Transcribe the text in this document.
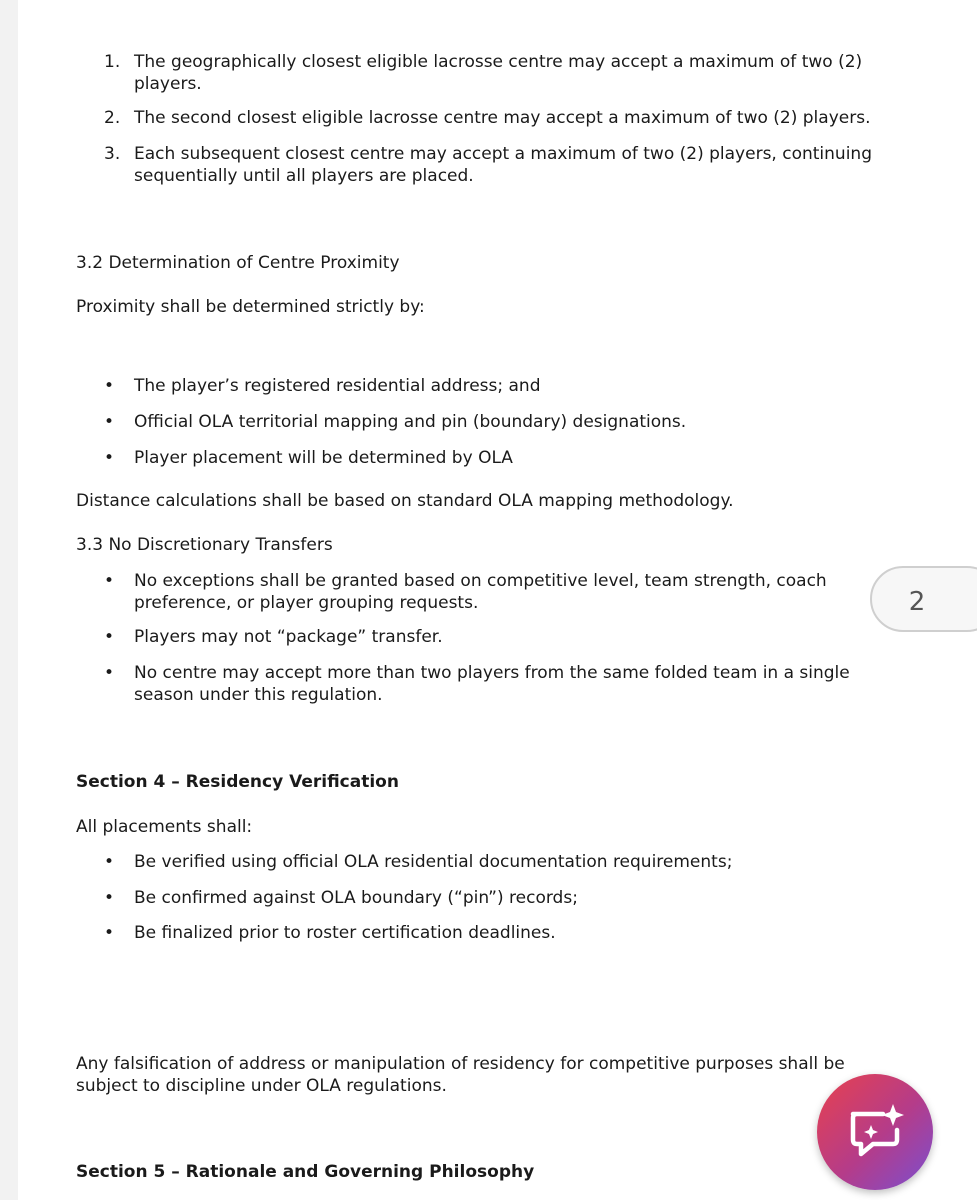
1. The geographically closest eligible lacrosse centre may accept a maximum of two (2)
players.
2. The second closest eligible lacrosse centre may accept a maximum of two (2) players.
3. Each subsequent closest centre may accept a maximum of two (2) players, continuing
sequentially until all players are placed.
3.2 Determination of Centre Proximity
Proximity shall be determined strictly by:
• The player’s registered residential address; and
• Official OLA territorial mapping and pin (boundary) designations.
• Player placement will be determined by OLA
Distance calculations shall be based on standard OLA mapping methodology.
3.3 No Discretionary Transfers
• No exceptions shall be granted based on competitive level, team strength, coach
preference, or player grouping requests.
• Players may not “package” transfer.
• No centre may accept more than two players from the same folded team in a single
season under this regulation.
Section 4 – Residency Verification
All placements shall:
• Be verified using official OLA residential documentation requirements;
• Be confirmed against OLA boundary (“pin”) records;
• Be finalized prior to roster certification deadlines.
Any falsification of address or manipulation of residency for competitive purposes shall be
subject to discipline under OLA regulations.
Section 5 – Rationale and Governing Philosophy
2
